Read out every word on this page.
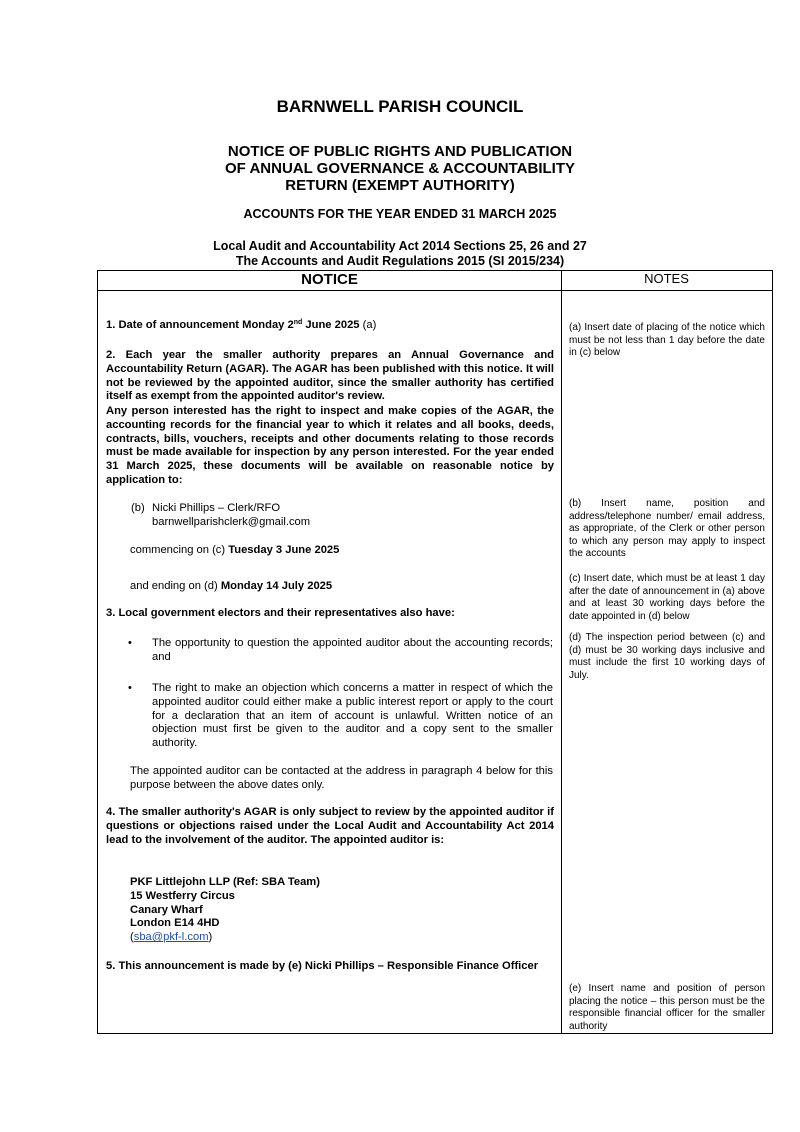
BARNWELL PARISH COUNCIL
NOTICE OF PUBLIC RIGHTS AND PUBLICATION
OF ANNUAL GOVERNANCE & ACCOUNTABILITY
RETURN (EXEMPT AUTHORITY)
ACCOUNTS FOR THE YEAR ENDED 31 MARCH 2025
Local Audit and Accountability Act 2014 Sections 25, 26 and 27
The Accounts and Audit Regulations 2015 (SI 2015/234)
NOTICE	NOTES
1. Date of announcement Monday 2nd June 2025 (a)
2. Each year the smaller authority prepares an Annual Governance and Accountability Return (AGAR). The AGAR has been published with this notice. It will not be reviewed by the appointed auditor, since the smaller authority has certified itself as exempt from the appointed auditor's review.
Any person interested has the right to inspect and make copies of the AGAR, the accounting records for the financial year to which it relates and all books, deeds, contracts, bills, vouchers, receipts and other documents relating to those records must be made available for inspection by any person interested. For the year ended 31 March 2025, these documents will be available on reasonable notice by application to:
(b) Nicki Phillips – Clerk/RFO
barnwellparishclerk@gmail.com
commencing on (c) Tuesday 3 June 2025
and ending on (d) Monday 14 July 2025
3. Local government electors and their representatives also have:
• The opportunity to question the appointed auditor about the accounting records; and
• The right to make an objection which concerns a matter in respect of which the appointed auditor could either make a public interest report or apply to the court for a declaration that an item of account is unlawful. Written notice of an objection must first be given to the auditor and a copy sent to the smaller authority.
The appointed auditor can be contacted at the address in paragraph 4 below for this purpose between the above dates only.
4. The smaller authority's AGAR is only subject to review by the appointed auditor if questions or objections raised under the Local Audit and Accountability Act 2014 lead to the involvement of the auditor. The appointed auditor is:
PKF Littlejohn LLP (Ref: SBA Team)
15 Westferry Circus
Canary Wharf
London E14 4HD
(sba@pkf-l.com)
5. This announcement is made by (e) Nicki Phillips – Responsible Finance Officer
(a) Insert date of placing of the notice which must be not less than 1 day before the date in (c) below
(b) Insert name, position and address/telephone number/ email address, as appropriate, of the Clerk or other person to which any person may apply to inspect the accounts
(c) Insert date, which must be at least 1 day after the date of announcement in (a) above and at least 30 working days before the date appointed in (d) below
(d) The inspection period between (c) and (d) must be 30 working days inclusive and must include the first 10 working days of July.
(e) Insert name and position of person placing the notice – this person must be the responsible financial officer for the smaller authority
